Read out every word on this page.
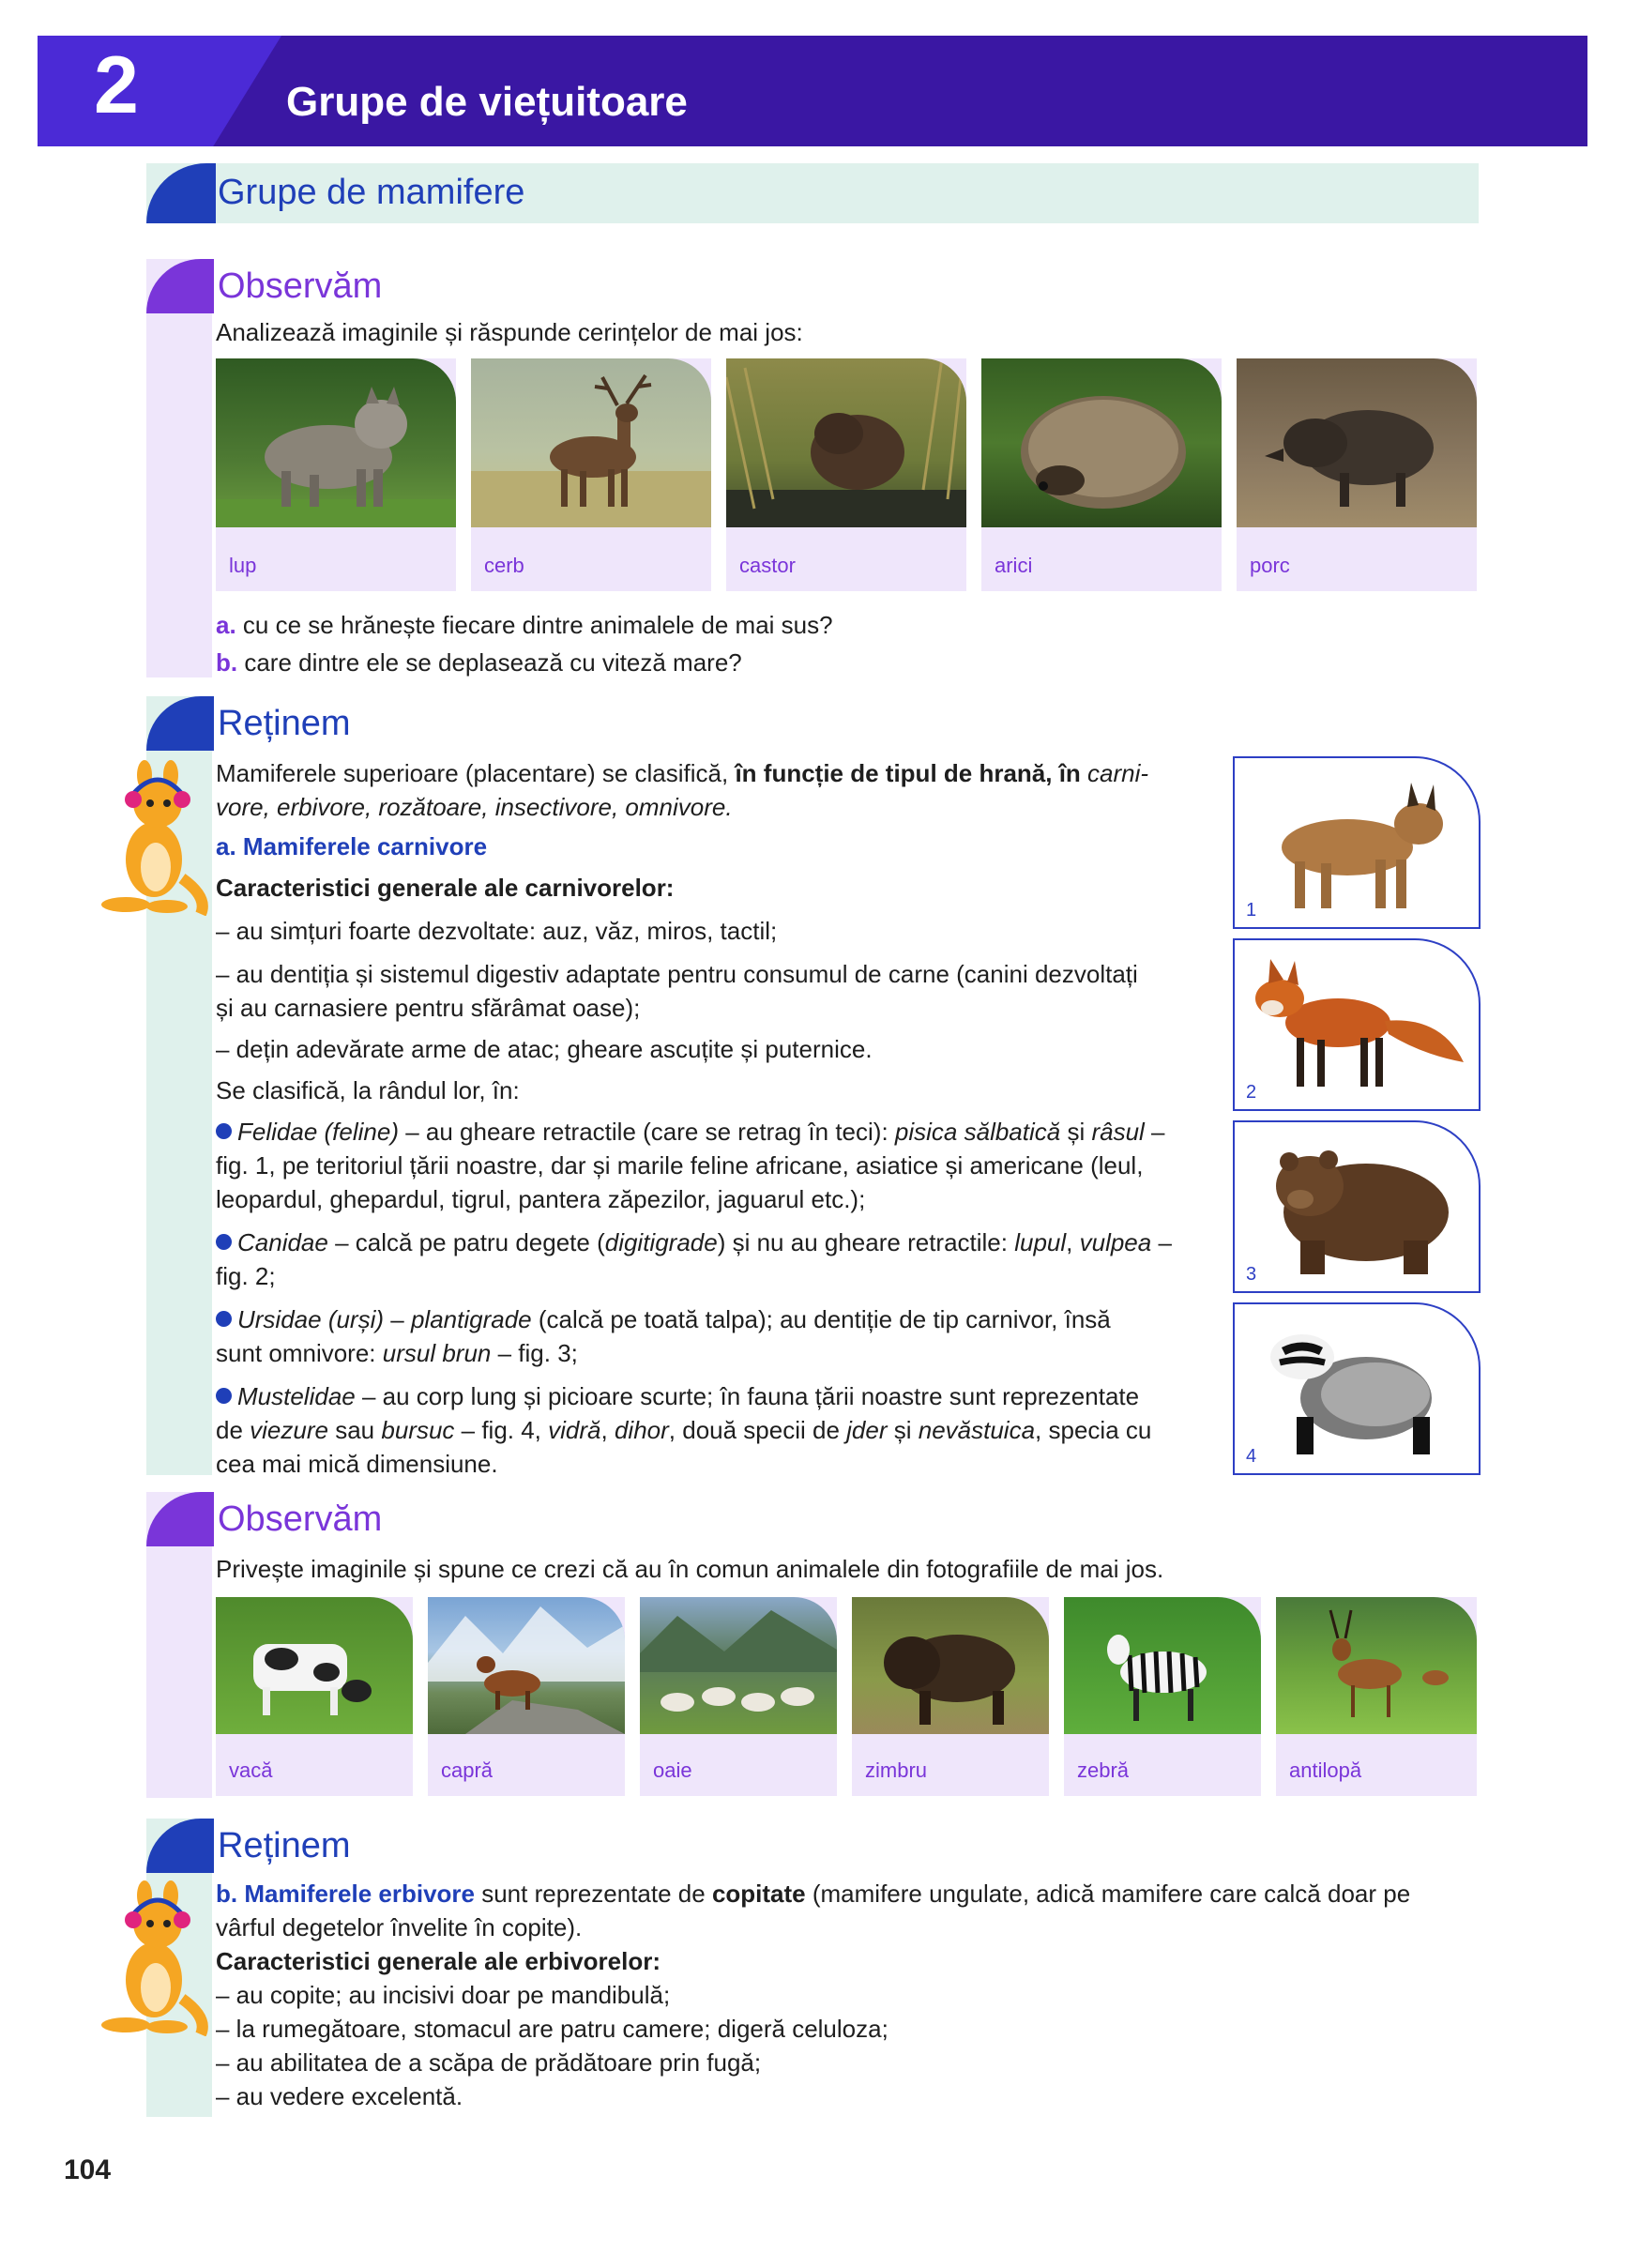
2	Grupe de viețuitoare
Grupe de mamifere
Observăm
Analizează imaginile și răspunde cerințelor de mai jos:
lup	cerb	castor	arici	porc
a. cu ce se hrănește fiecare dintre animalele de mai sus?
b. care dintre ele se deplasează cu viteză mare?
Reținem
Mamiferele superioare (placentare) se clasifică, în funcție de tipul de hrană, în carni-
vore, erbivore, rozătoare, insectivore, omnivore.
a. Mamiferele carnivore
Caracteristici generale ale carnivorelor:
– au simțuri foarte dezvoltate: auz, văz, miros, tactil;
– au dentiția și sistemul digestiv adaptate pentru consumul de carne (canini dezvoltați
și au carnasiere pentru sfărâmat oase);
– dețin adevărate arme de atac; gheare ascuțite și puternice.
Se clasifică, la rândul lor, în:
Felidae (feline) – au gheare retractile (care se retrag în teci): pisica sălbatică și râsul –
fig. 1, pe teritoriul țării noastre, dar și marile feline africane, asiatice și americane (leul,
leopardul, ghepardul, tigrul, pantera zăpezilor, jaguarul etc.);
Canidae – calcă pe patru degete (digitigrade) și nu au gheare retractile: lupul, vulpea –
fig. 2;
Ursidae (urși) – plantigrade (calcă pe toată talpa); au dentiție de tip carnivor, însă
sunt omnivore: ursul brun – fig. 3;
Mustelidae – au corp lung și picioare scurte; în fauna țării noastre sunt reprezentate
de viezure sau bursuc – fig. 4, vidră, dihor, două specii de jder și nevăstuica, specia cu
cea mai mică dimensiune.
1
2
3
4
Observăm
Privește imaginile și spune ce crezi că au în comun animalele din fotografiile de mai jos.
vacă	capră	oaie	zimbru	zebră	antilopă
Reținem
b. Mamiferele erbivore sunt reprezentate de copitate (mamifere ungulate, adică mamifere care calcă doar pe
vârful degetelor învelite în copite).
Caracteristici generale ale erbivorelor:
– au copite; au incisivi doar pe mandibulă;
– la rumegătoare, stomacul are patru camere; digeră celuloza;
– au abilitatea de a scăpa de prădătoare prin fugă;
– au vedere excelentă.
104
